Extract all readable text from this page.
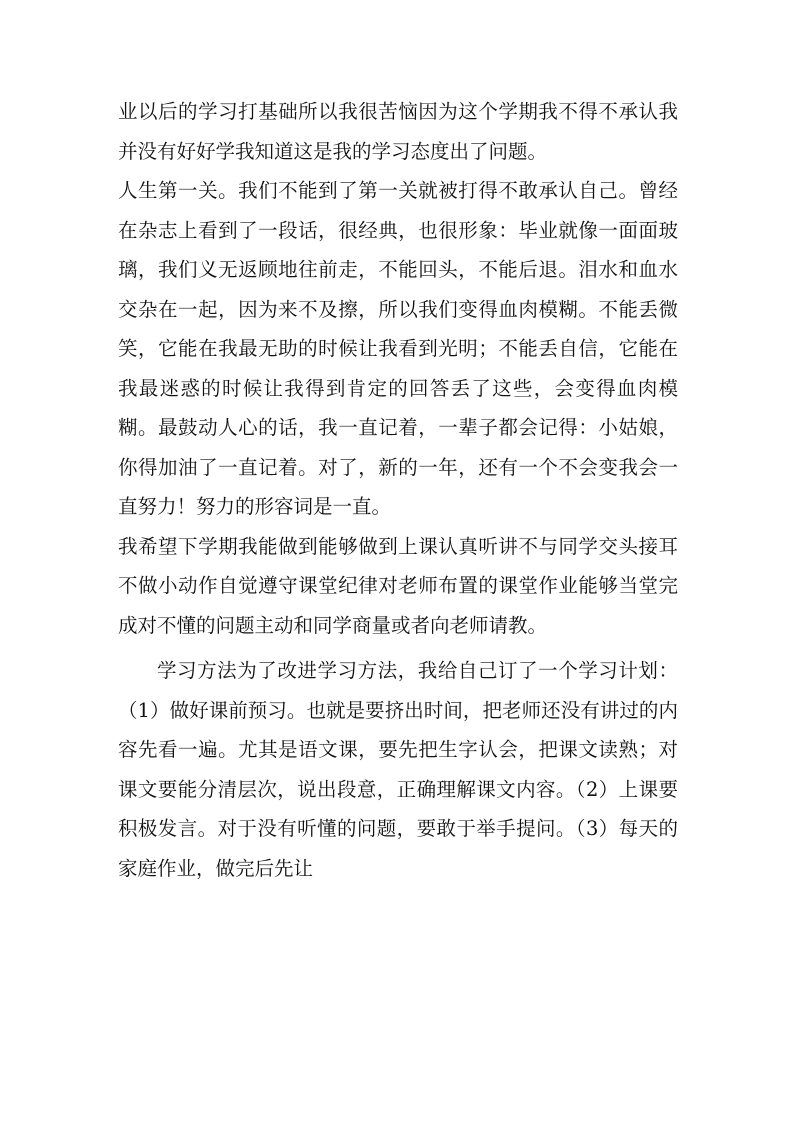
业以后的学习打基础所以我很苦恼因为这个学期我不得不承认我并没有好好学我知道这是我的学习态度出了问题。

人生第一关。我们不能到了第一关就被打得不敢承认自己。曾经在杂志上看到了一段话，很经典，也很形象：毕业就像一面面玻璃，我们义无返顾地往前走，不能回头，不能后退。泪水和血水交杂在一起，因为来不及擦，所以我们变得血肉模糊。不能丢微笑，它能在我最无助的时候让我看到光明；不能丢自信，它能在我最迷惑的时候让我得到肯定的回答丢了这些，会变得血肉模糊。最鼓动人心的话，我一直记着，一辈子都会记得：小姑娘，你得加油了一直记着。对了，新的一年，还有一个不会变我会一直努力！努力的形容词是一直。

我希望下学期我能做到能够做到上课认真听讲不与同学交头接耳不做小动作自觉遵守课堂纪律对老师布置的课堂作业能够当堂完成对不懂的问题主动和同学商量或者向老师请教。

学习方法为了改进学习方法，我给自己订了一个学习计划：（1）做好课前预习。也就是要挤出时间，把老师还没有讲过的内容先看一遍。尤其是语文课，要先把生字认会，把课文读熟；对课文要能分清层次，说出段意，正确理解课文内容。（2）上课要积极发言。对于没有听懂的问题，要敢于举手提问。（3）每天的家庭作业，做完后先让
